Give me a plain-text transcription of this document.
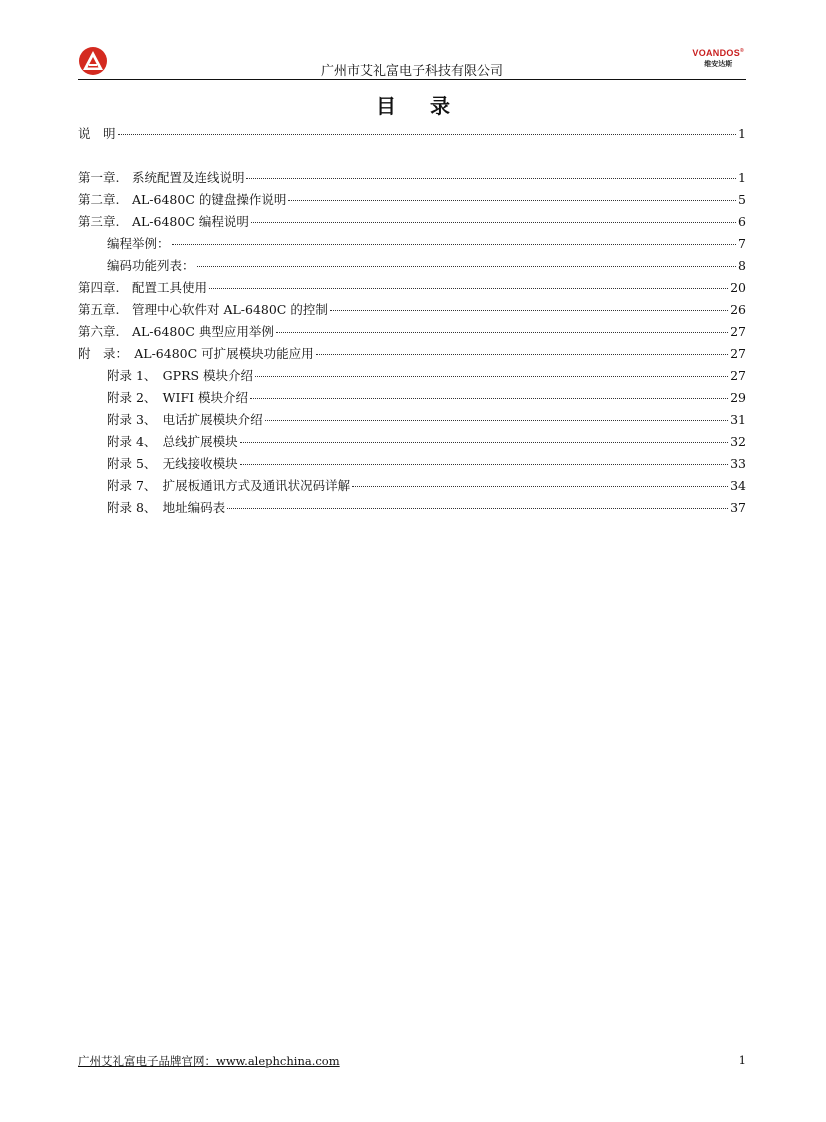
广州市艾礼富电子科技有限公司
VOANDOS®
维安达斯
目录
说　明	1
第一章.　系统配置及连线说明	1
第二章.　AL-6480C 的键盘操作说明	5
第三章.　AL-6480C 编程说明	6
编程举例：	7
编码功能列表：	8
第四章.　配置工具使用	20
第五章.　管理中心软件对 AL-6480C 的控制	26
第六章.　AL-6480C 典型应用举例	27
附　录：　AL-6480C 可扩展模块功能应用	27
附录 1、　GPRS 模块介绍	27
附录 2、　WIFI 模块介绍	29
附录 3、　电话扩展模块介绍	31
附录 4、　总线扩展模块	32
附录 5、　无线接收模块	33
附录 7、　扩展板通讯方式及通讯状况码详解	34
附录 8、　地址编码表	37
广州艾礼富电子品牌官网：www.alephchina.com	1
